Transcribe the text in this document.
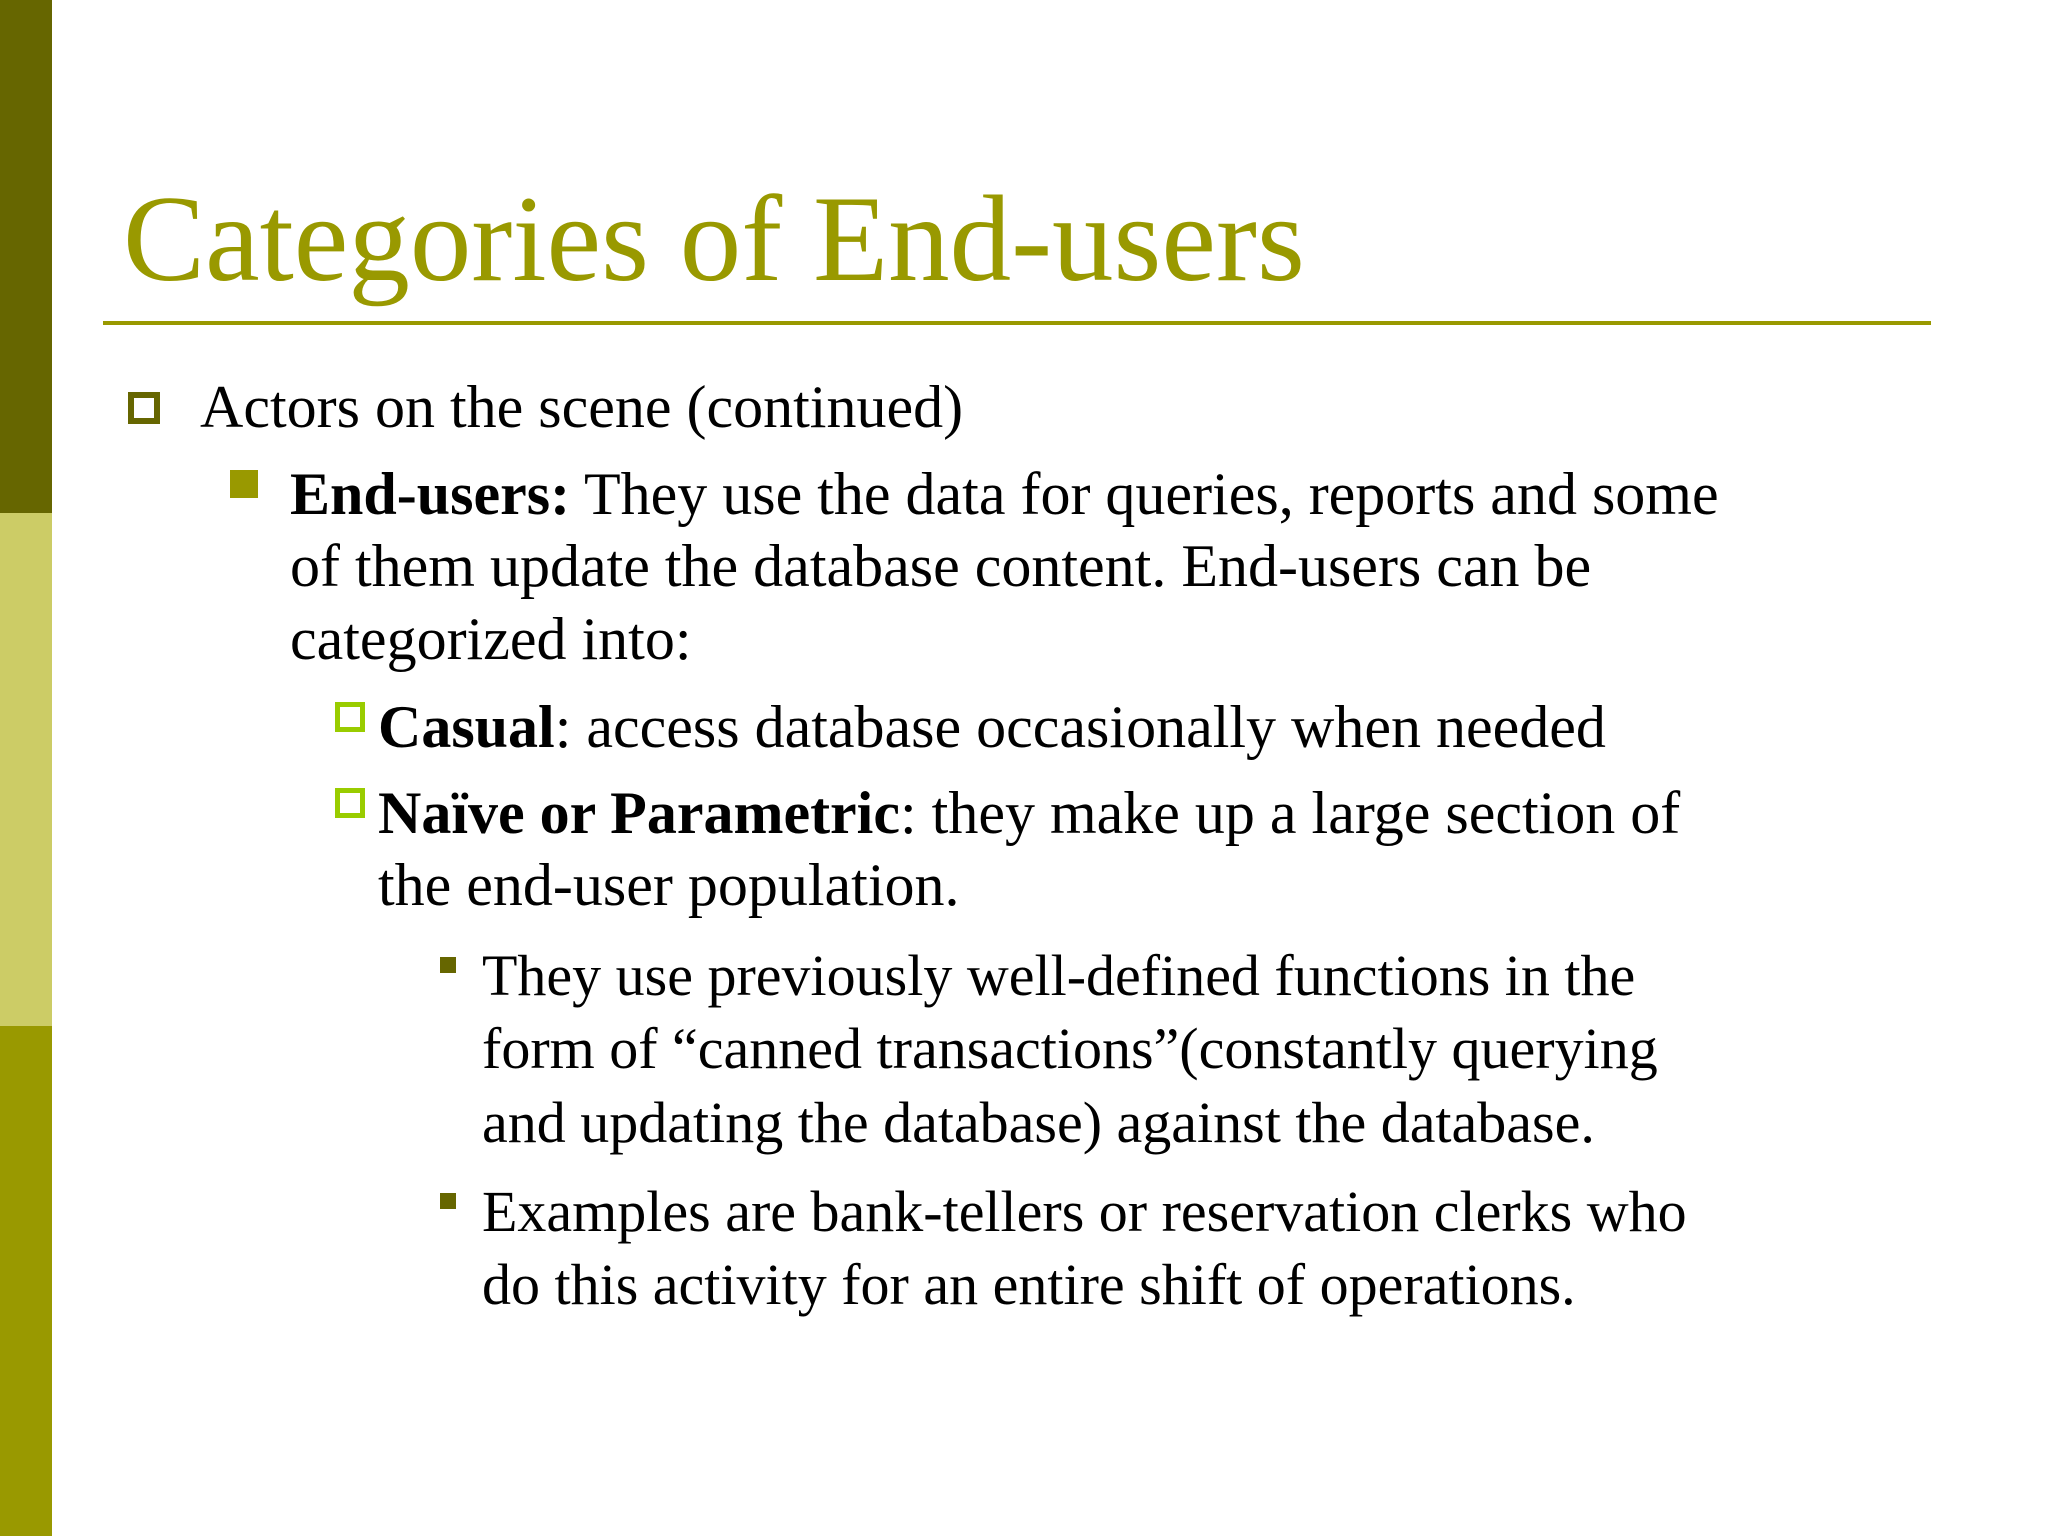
Categories of End-users
Actors on the scene (continued)
End-users: They use the data for queries, reports and some
of them update the database content. End-users can be
categorized into:
Casual: access database occasionally when needed
Naïve or Parametric: they make up a large section of
the end-user population.
They use previously well-defined functions in the
form of “canned transactions”(constantly querying
and updating the database) against the database.
Examples are bank-tellers or reservation clerks who
do this activity for an entire shift of operations.
